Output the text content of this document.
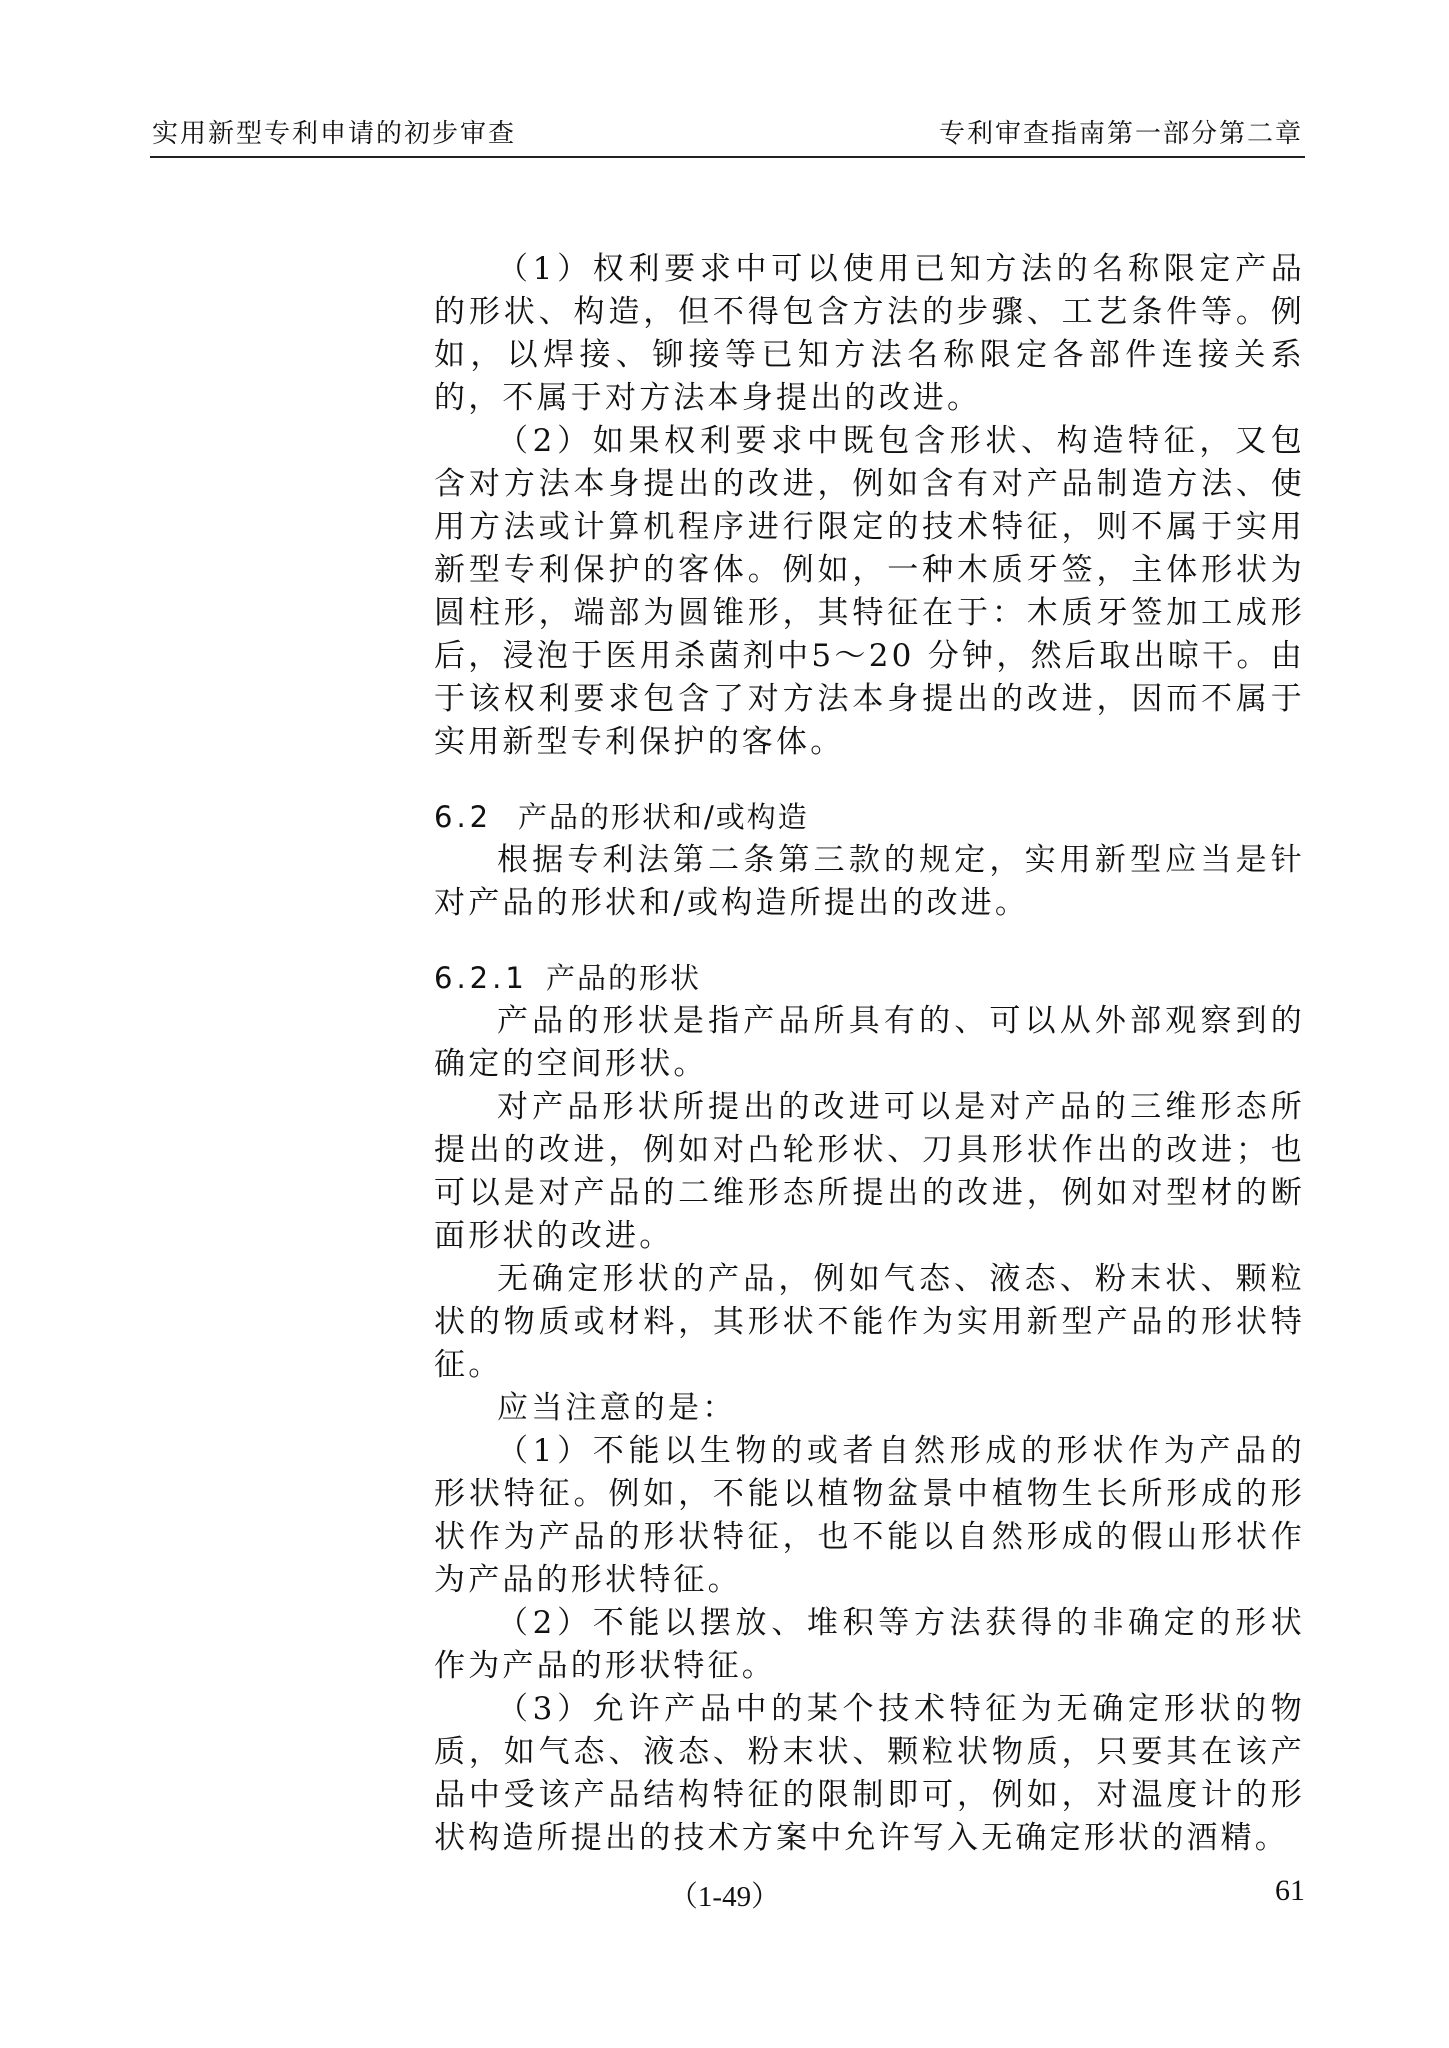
实用新型专利申请的初步审查	专利审查指南第一部分第二章

（1）权利要求中可以使用已知方法的名称限定产品的形状、构造，但不得包含方法的步骤、工艺条件等。例如，以焊接、铆接等已知方法名称限定各部件连接关系的，不属于对方法本身提出的改进。

（2）如果权利要求中既包含形状、构造特征，又包含对方法本身提出的改进，例如含有对产品制造方法、使用方法或计算机程序进行限定的技术特征，则不属于实用新型专利保护的客体。例如，一种木质牙签，主体形状为圆柱形，端部为圆锥形，其特征在于：木质牙签加工成形后，浸泡于医用杀菌剂中5～20 分钟，然后取出晾干。由于该权利要求包含了对方法本身提出的改进，因而不属于实用新型专利保护的客体。

6.2 产品的形状和/或构造

根据专利法第二条第三款的规定，实用新型应当是针对产品的形状和/或构造所提出的改进。

6.2.1 产品的形状

产品的形状是指产品所具有的、可以从外部观察到的确定的空间形状。

对产品形状所提出的改进可以是对产品的三维形态所提出的改进，例如对凸轮形状、刀具形状作出的改进；也可以是对产品的二维形态所提出的改进，例如对型材的断面形状的改进。

无确定形状的产品，例如气态、液态、粉末状、颗粒状的物质或材料，其形状不能作为实用新型产品的形状特征。

应当注意的是：

（1）不能以生物的或者自然形成的形状作为产品的形状特征。例如，不能以植物盆景中植物生长所形成的形状作为产品的形状特征，也不能以自然形成的假山形状作为产品的形状特征。

（2）不能以摆放、堆积等方法获得的非确定的形状作为产品的形状特征。

（3）允许产品中的某个技术特征为无确定形状的物质，如气态、液态、粉末状、颗粒状物质，只要其在该产品中受该产品结构特征的限制即可，例如，对温度计的形状构造所提出的技术方案中允许写入无确定形状的酒精。

（1-49）	61
